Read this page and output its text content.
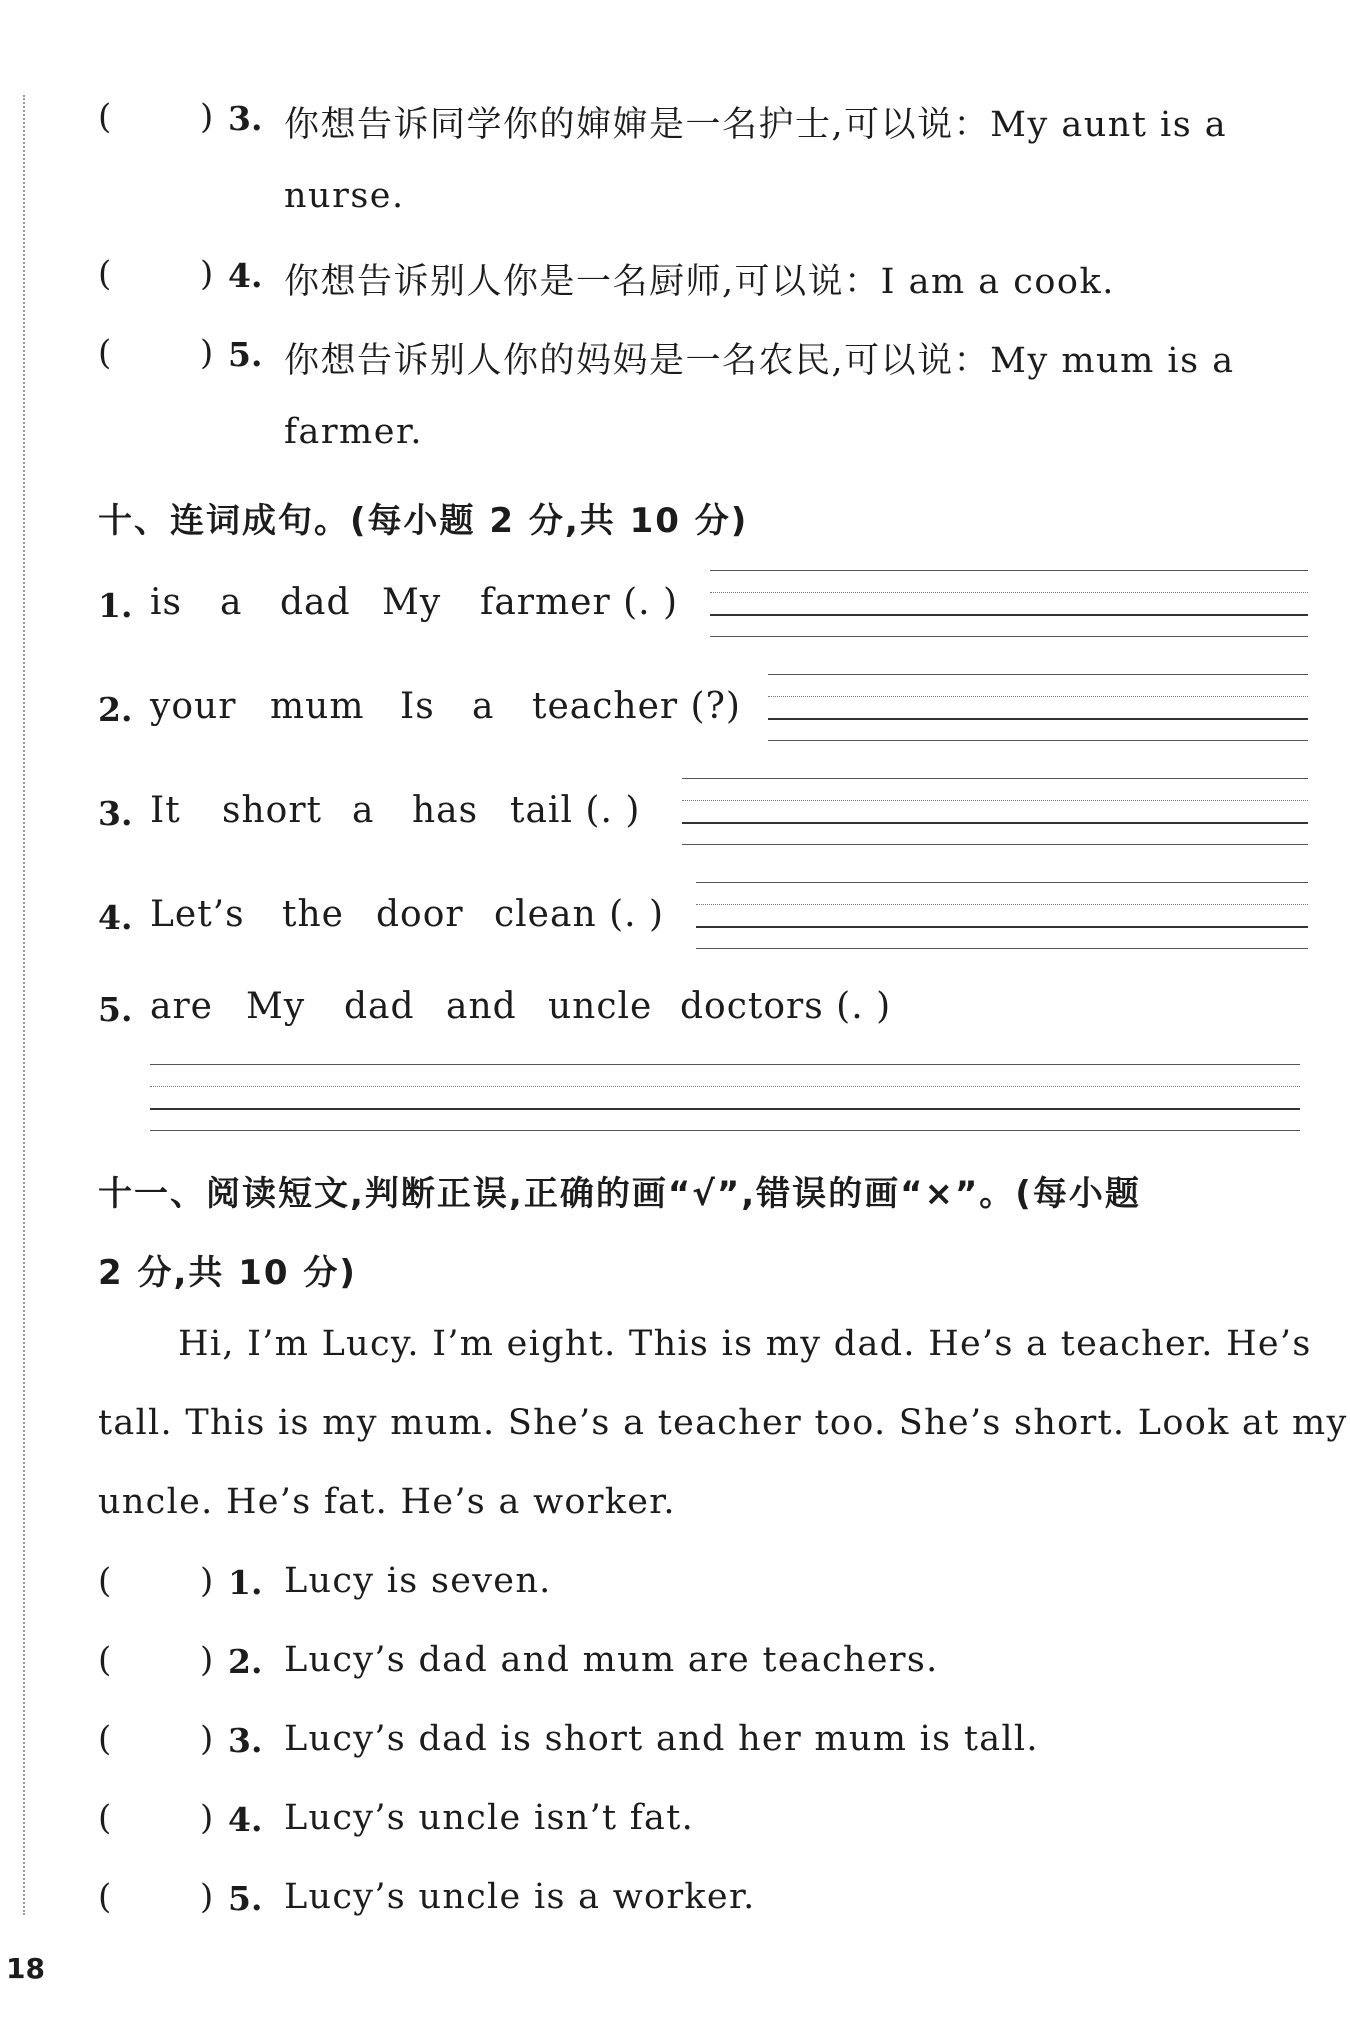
(	) 3. 你想告诉同学你的婶婶是一名护士,可以说：My aunt is a
nurse.
(	) 4. 你想告诉别人你是一名厨师,可以说：I am a cook.
(	) 5. 你想告诉别人你的妈妈是一名农民,可以说：My mum is a
farmer.
十、连词成句。(每小题 2 分,共 10 分)
1. is a dad My farmer (. )
2. your mum Is a teacher (?)
3. It short a has tail (. )
4. Let’s the door clean (. )
5. are My dad and uncle doctors (. )
十一、阅读短文,判断正误,正确的画“√”,错误的画“×”。(每小题
2 分,共 10 分)
Hi, I’m Lucy. I’m eight. This is my dad. He’s a teacher. He’s
tall. This is my mum. She’s a teacher too. She’s short. Look at my
uncle. He’s fat. He’s a worker.
(	) 1. Lucy is seven.
(	) 2. Lucy’s dad and mum are teachers.
(	) 3. Lucy’s dad is short and her mum is tall.
(	) 4. Lucy’s uncle isn’t fat.
(	) 5. Lucy’s uncle is a worker.
18
